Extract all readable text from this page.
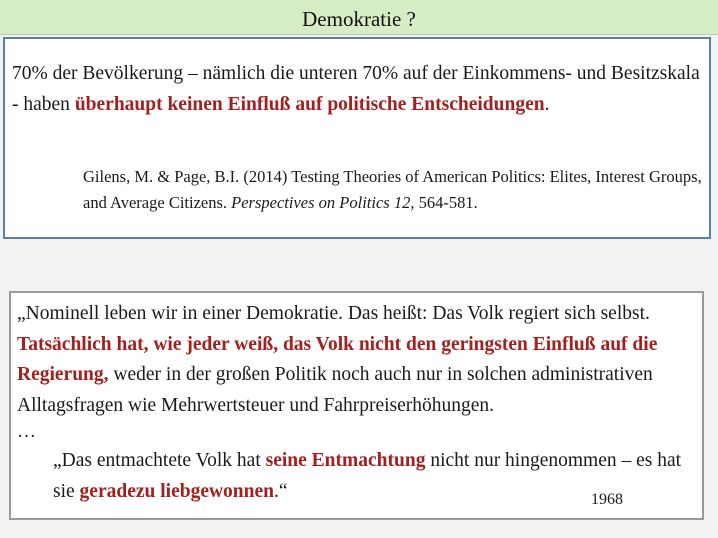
Demokratie ?
70% der Bevölkerung – nämlich die unteren 70% auf der Einkommens- und Besitzskala - haben überhaupt keinen Einfluß auf politische Entscheidungen.
Gilens, M. & Page, B.I. (2014) Testing Theories of American Politics: Elites, Interest Groups, and Average Citizens. Perspectives on Politics 12, 564-581.
„Nominell leben wir in einer Demokratie. Das heißt: Das Volk regiert sich selbst. Tatsächlich hat, wie jeder weiß, das Volk nicht den geringsten Einfluß auf die Regierung, weder in der großen Politik noch auch nur in solchen administrativen Alltagsfragen wie Mehrwertsteuer und Fahrpreiserhöhungen.
…
„Das entmachtete Volk hat seine Entmachtung nicht nur hingenommen – es hat sie geradezu liebgewonnen.“	1968
